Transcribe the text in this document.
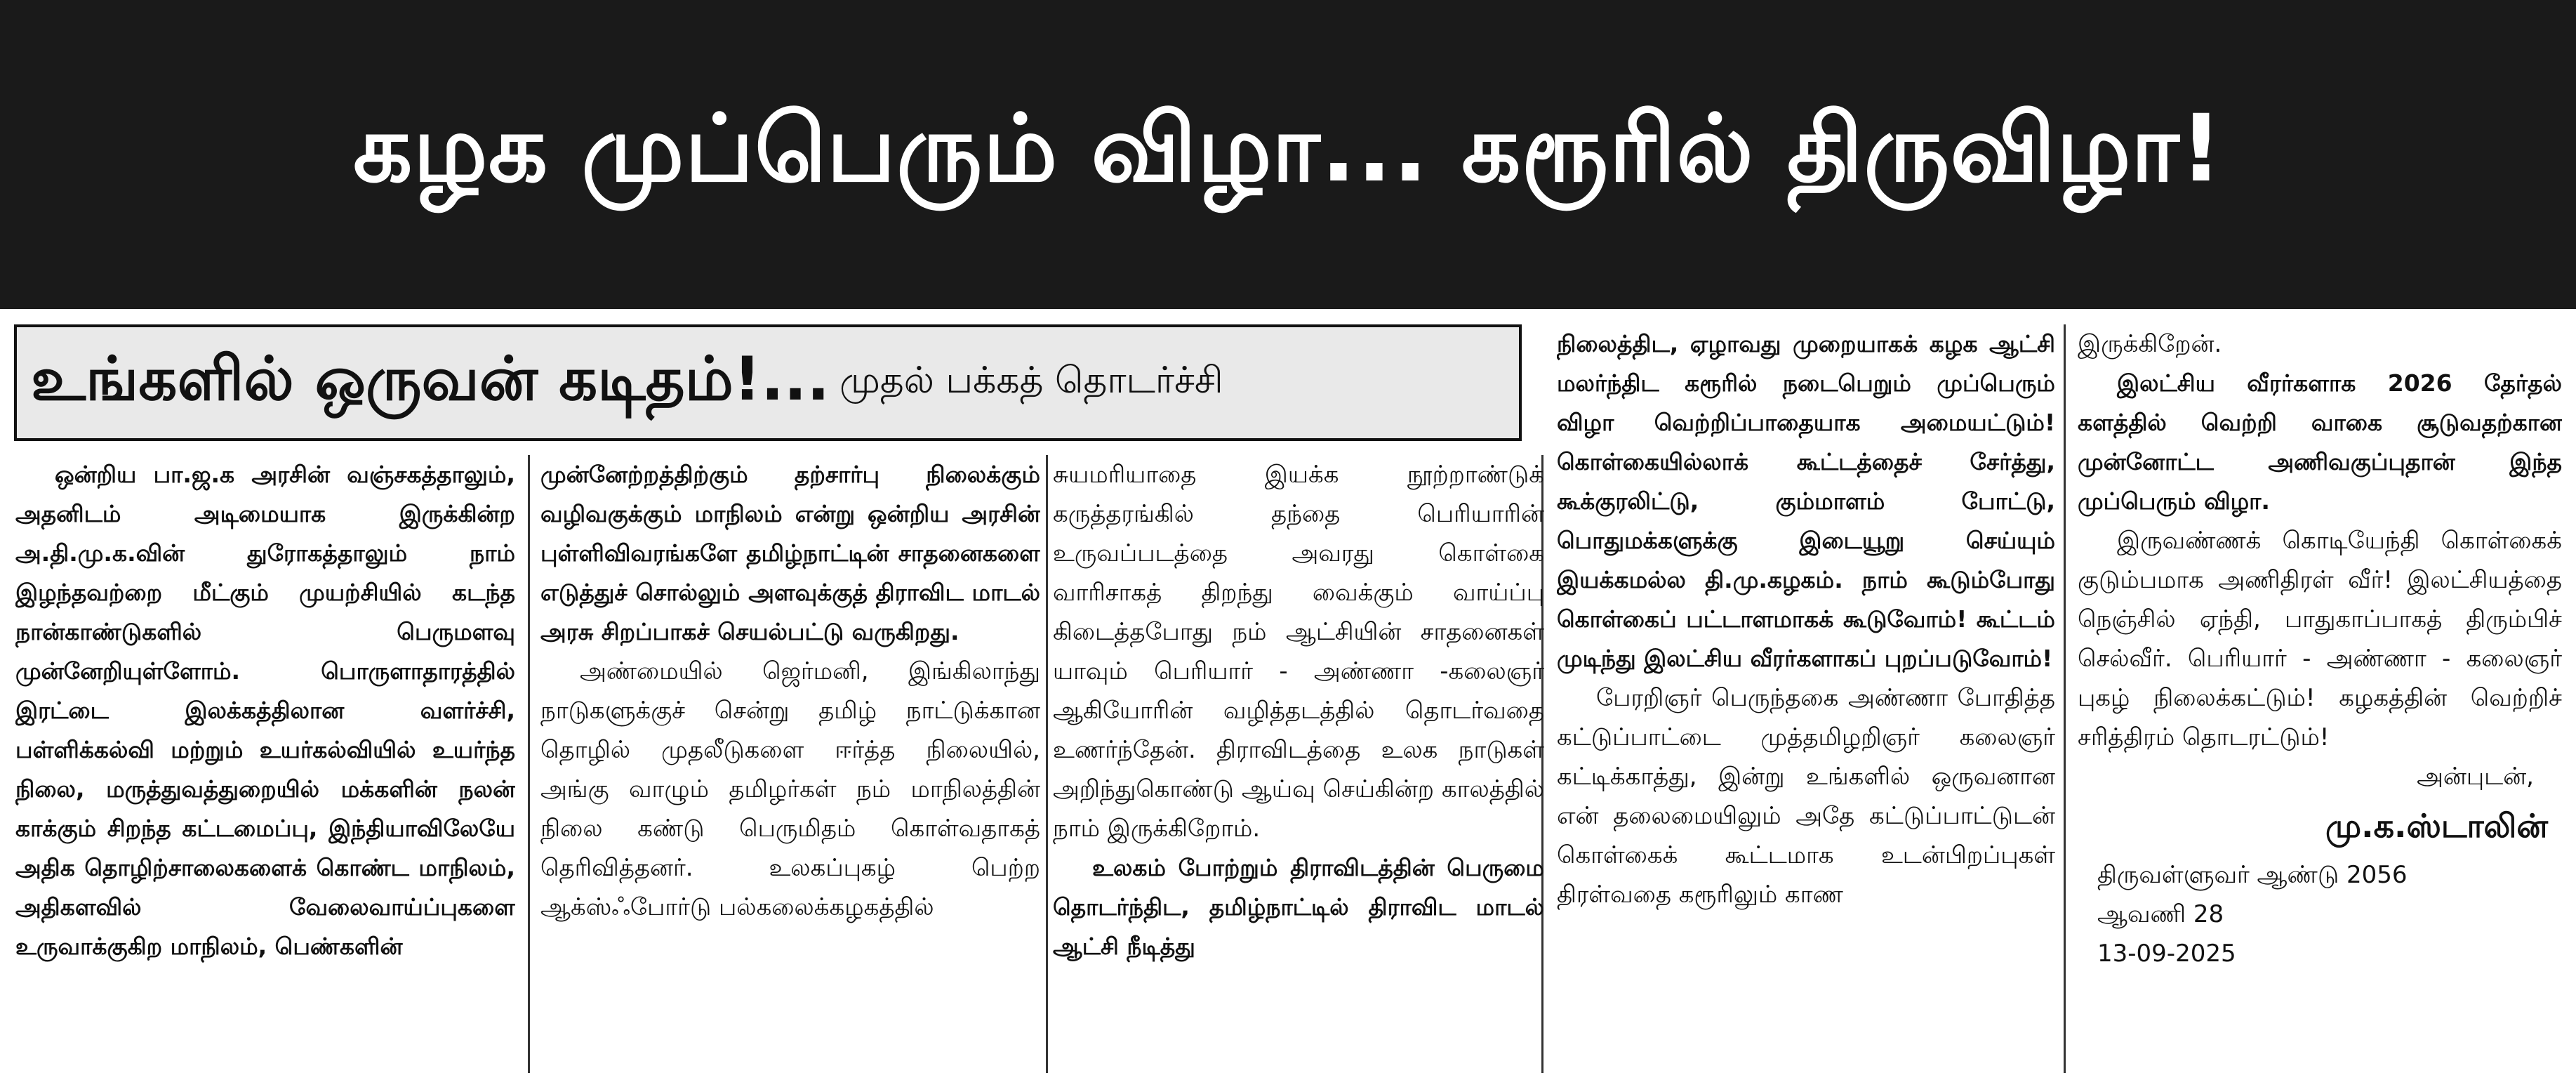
கழக முப்பெரும் விழா... கரூரில் திருவிழா!
உங்களில் ஒருவன் கடிதம்!... முதல் பக்கத் தொடர்ச்சி

ஒன்றிய பா.ஜ.க அரசின் வஞ்சகத்தாலும், அதனிடம் அடிமையாக இருக்கின்ற அ.தி.மு.க.வின் துரோகத்தாலும் நாம் இழந்தவற்றை மீட்கும் முயற்சியில் கடந்த நான்காண்டுகளில் பெருமளவு முன்னேறியுள்ளோம். பொருளாதாரத்தில் இரட்டை இலக்கத்திலான வளர்ச்சி, பள்ளிக்கல்வி மற்றும் உயர்கல்வியில் உயர்ந்த நிலை, மருத்துவத்துறையில் மக்களின் நலன் காக்கும் சிறந்த கட்டமைப்பு, இந்தியாவிலேயே அதிக தொழிற்சாலைகளைக் கொண்ட மாநிலம், அதிகளவில் வேலைவாய்ப்புகளை உருவாக்குகிற மாநிலம், பெண்களின்

முன்னேற்றத்திற்கும் தற்சார்பு நிலைக்கும் வழிவகுக்கும் மாநிலம் என்று ஒன்றிய அரசின் புள்ளிவிவரங்களே தமிழ்நாட்டின் சாதனைகளை எடுத்துச் சொல்லும் அளவுக்குத் திராவிட மாடல் அரசு சிறப்பாகச் செயல்பட்டு வருகிறது.

அண்மையில் ஜெர்மனி, இங்கிலாந்து நாடுகளுக்குச் சென்று தமிழ் நாட்டுக்கான தொழில் முதலீடுகளை ஈர்த்த நிலையில், அங்கு வாழும் தமிழர்கள் நம் மாநிலத்தின் நிலை கண்டு பெருமிதம் கொள்வதாகத் தெரிவித்தனர். உலகப்புகழ் பெற்ற ஆக்ஸ்ஃபோர்டு பல்கலைக்கழகத்தில்

சுயமரியாதை இயக்க நூற்றாண்டுக் கருத்தரங்கில் தந்தை பெரியாரின் உருவப்படத்தை அவரது கொள்கை வாரிசாகத் திறந்து வைக்கும் வாய்ப்பு கிடைத்தபோது நம் ஆட்சியின் சாதனைகள் யாவும் பெரியார் - அண்ணா -கலைஞர் ஆகியோரின் வழித்தடத்தில் தொடர்வதை உணர்ந்தேன். திராவிடத்தை உலக நாடுகள் அறிந்துகொண்டு ஆய்வு செய்கின்ற காலத்தில் நாம் இருக்கிறோம்.

உலகம் போற்றும் திராவிடத்தின் பெருமை தொடர்ந்திட, தமிழ்நாட்டில் திராவிட மாடல் ஆட்சி நீடித்து

நிலைத்திட, ஏழாவது முறையாகக் கழக ஆட்சி மலர்ந்திட கரூரில் நடைபெறும் முப்பெரும் விழா வெற்றிப்பாதையாக அமையட்டும்! கொள்கையில்லாக் கூட்டத்தைச் சேர்த்து, கூக்குரலிட்டு, கும்மாளம் போட்டு, பொதுமக்களுக்கு இடையூறு செய்யும் இயக்கமல்ல தி.மு.கழகம். நாம் கூடும்போது கொள்கைப் பட்டாளமாகக் கூடுவோம்! கூட்டம் முடிந்து இலட்சிய வீரர்களாகப் புறப்படுவோம்!

பேரறிஞர் பெருந்தகை அண்ணா போதித்த கட்டுப்பாட்டை முத்தமிழறிஞர் கலைஞர் கட்டிக்காத்து, இன்று உங்களில் ஒருவனான என் தலைமையிலும் அதே கட்டுப்பாட்டுடன் கொள்கைக் கூட்டமாக உடன்பிறப்புகள் திரள்வதை கரூரிலும் காண

இருக்கிறேன்.

இலட்சிய வீரர்களாக 2026 தேர்தல் களத்தில் வெற்றி வாகை சூடுவதற்கான முன்னோட்ட அணிவகுப்புதான் இந்த முப்பெரும் விழா.

இருவண்ணக் கொடியேந்தி கொள்கைக் குடும்பமாக அணிதிரள் வீர்! இலட்சியத்தை நெஞ்சில் ஏந்தி, பாதுகாப்பாகத் திரும்பிச் செல்வீர். பெரியார் - அண்ணா - கலைஞர் புகழ் நிலைக்கட்டும்! கழகத்தின் வெற்றிச் சரித்திரம் தொடரட்டும்!

அன்புடன்,

மு.க.ஸ்டாலின்

திருவள்ளுவர் ஆண்டு 2056

ஆவணி 28

13-09-2025
